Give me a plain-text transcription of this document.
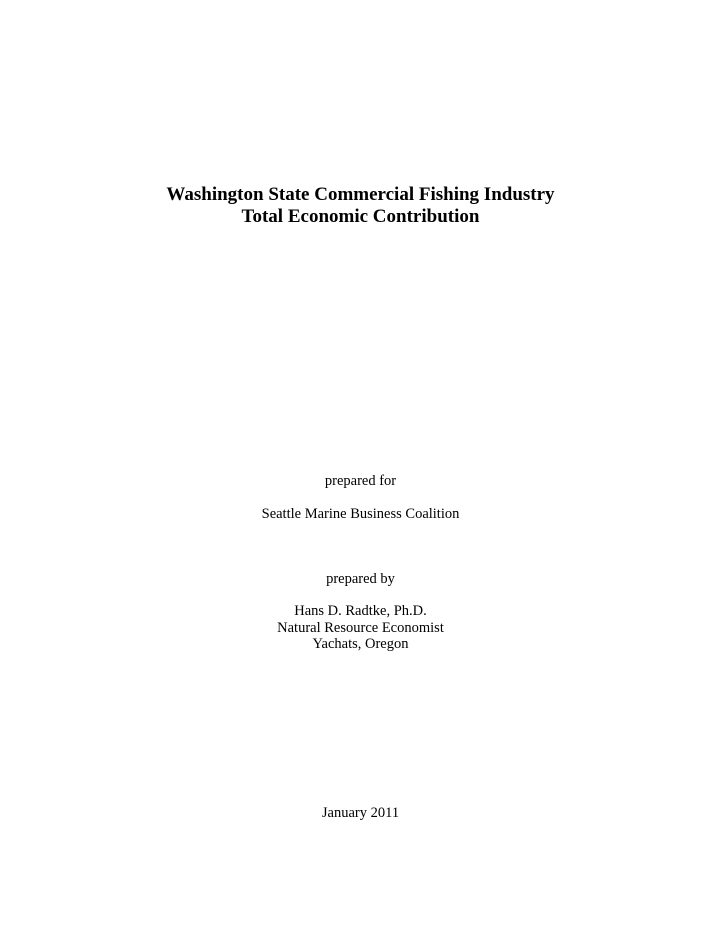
Washington State Commercial Fishing Industry
Total Economic Contribution
prepared for
Seattle Marine Business Coalition
prepared by
Hans D. Radtke, Ph.D.
Natural Resource Economist
Yachats, Oregon
January 2011
